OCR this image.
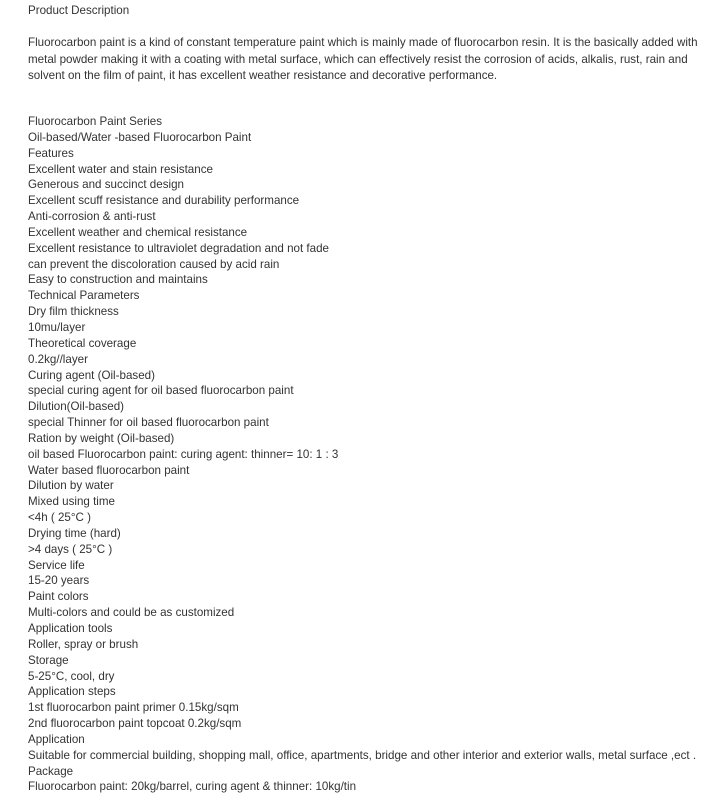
Product Description

Fluorocarbon paint is a kind of constant temperature paint which is mainly made of fluorocarbon resin. It is the basically added with metal powder making it with a coating with metal surface, which can effectively resist the corrosion of acids, alkalis, rust, rain and solvent on the film of paint, it has excellent weather resistance and decorative performance.

Fluorocarbon Paint Series
Oil-based/Water -based Fluorocarbon Paint
Features
Excellent water and stain resistance
Generous and succinct design
Excellent scuff resistance and durability performance
Anti-corrosion & anti-rust
Excellent weather and chemical resistance
Excellent resistance to ultraviolet degradation and not fade
can prevent the discoloration caused by acid rain
Easy to construction and maintains
Technical Parameters
Dry film thickness
10mu/layer
Theoretical coverage
0.2kg//layer
Curing agent (Oil-based)
special curing agent for oil based fluorocarbon paint
Dilution(Oil-based)
special Thinner for oil based fluorocarbon paint
Ration by weight (Oil-based)
oil based Fluorocarbon paint: curing agent: thinner= 10: 1 : 3
Water based fluorocarbon paint
Dilution by water
Mixed using time
<4h ( 25°C )
Drying time (hard)
>4 days ( 25°C )
Service life
15-20 years
Paint colors
Multi-colors and could be as customized
Application tools
Roller, spray or brush
Storage
5-25°C, cool, dry
Application steps
1st fluorocarbon paint primer 0.15kg/sqm
2nd fluorocarbon paint topcoat 0.2kg/sqm
Application
Suitable for commercial building, shopping mall, office, apartments, bridge and other interior and exterior walls, metal surface ,ect .
Package
Fluorocarbon paint: 20kg/barrel, curing agent & thinner: 10kg/tin
